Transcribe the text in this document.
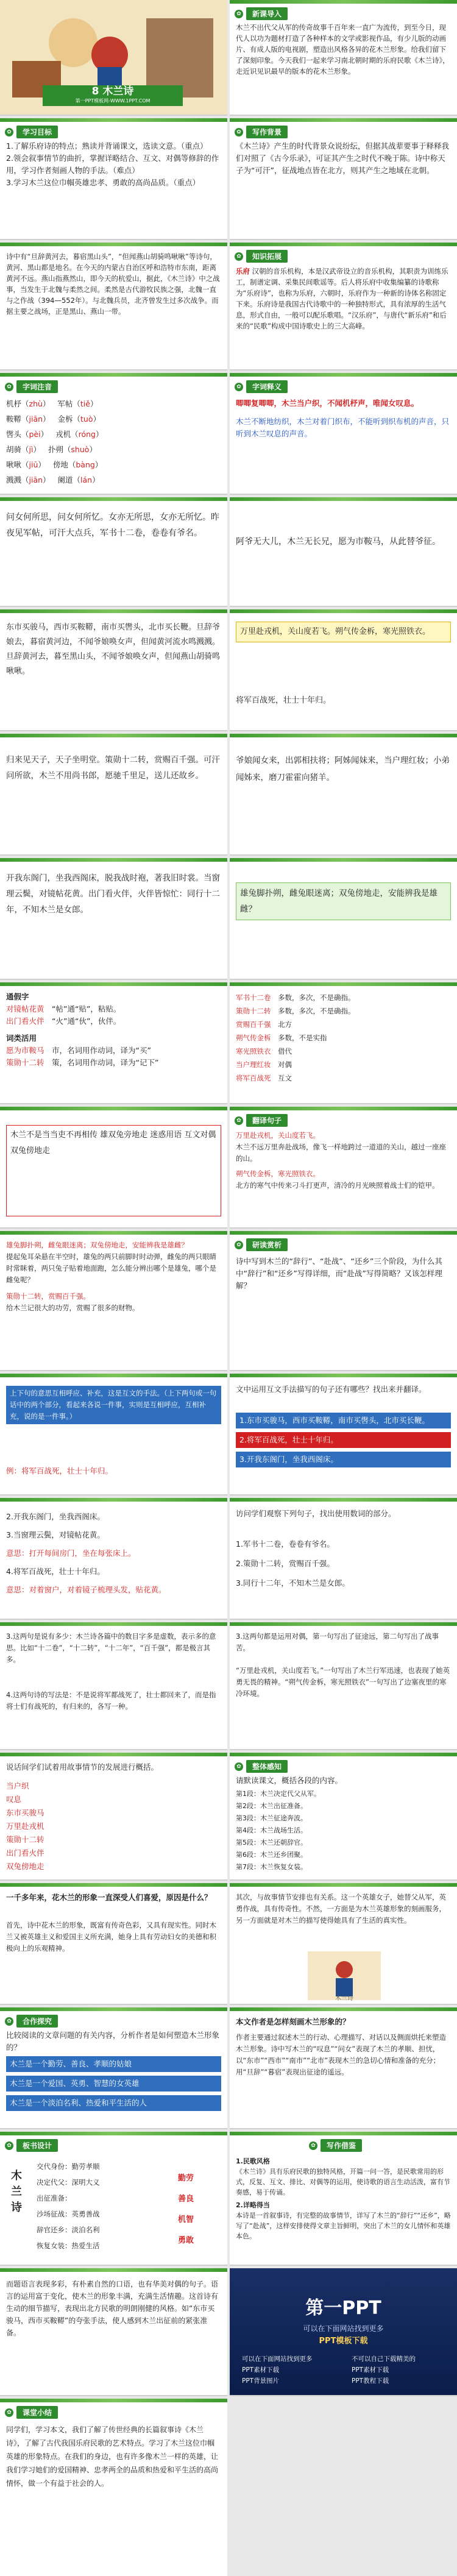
8 木兰诗
第一PPT模板网-WWW.1PPT.COM
✿	新课导入
木兰不出代父从军的传奇故事千百年来一直广为流传，到至今日，现代人以功为题材打造了各种样本的文学或影视作品，有少儿版的动画片、有成人版的电视剧，塑造出风格各异的花木兰形象。给我们留下了深刻印象。今天我们一起来学习南北朝时期的乐府民歌《木兰诗》，走近识见识最早的版本的花木兰形象。
✿	学习目标

1.了解乐府诗的特点；熟读并背诵课文，选读文意。（重点）

2.领会叙事情节的曲折，掌握详略结合、互文、对偶等修辞的作用，学习作者刻画人物的手法。（难点）

3.学习木兰这位巾帼英雄忠孝、勇敢的高尚品质。（重点）

✿	写作背景
《木兰诗》产生的时代背景众说纷纭，但据其战辈要事于释释我们对照了《古今乐录》，可证其产生之时代不晚于陈。诗中称天子为“可汗”，征战地点皆在北方，则其产生之地域在北朝。
诗中有“旦辞黄河去，暮宿黑山头”，“但闻燕山胡骑鸣啾啾”等诗句，黄河、黑山都是地名。在今天的内蒙古自治区呼和浩特市东南，距离黄河不远。燕山指燕然山，即今天的杭爱山，据此，《木兰诗》中之战事，当发生于北魏与柔然之间。柔然是古代游牧民族之强，北魏一直与之作战（394—552年）。与北魏兵员，北齐曾发生过多次战争。而据主要之战场，正是黑山、燕山一带。
✿	知识拓展
乐府 汉朝的音乐机构，本是汉武帝设立的音乐机构，其职责为训练乐工，制谱定调、采集民间歌谣等。后人将乐府中收集编纂的诗歌称为“乐府诗”，也称为乐府，六朝时，乐府作为一种新的诗体名称固定下来。乐府诗是我国古代诗歌中的一种独特形式，具有浓厚的生活气息，形式自由，一般可以配乐歌唱。“汉乐府”，与唐代“新乐府”和后来的“民歌”构成中国诗歌史上的三大高峰。
✿	字词注音
机杼（zhù） 军帖（tiě）
鞍鞯（jiān） 金柝（tuò）
辔头（pèi） 戎机（róng）
胡骑（jì） 扑朔（shuò）
啾啾（jiū） 傍地（bàng）
溅溅（jiān） 阑道（lán）
✿	字词释义

唧唧复唧唧，木兰当户织，不闻机杼声，唯闻女叹息。

木兰不断地纺织，木兰对着门织布，不能听到织布机的声音，只听到木兰叹息的声音。

问女何所思，问女何所忆。女亦无所思，女亦无所忆。昨夜见军帖，可汗大点兵，军书十二卷，卷卷有爷名。
阿爷无大儿，木兰无长兄，愿为市鞍马，从此替爷征。
东市买骏马，西市买鞍鞯，南市买辔头，北市买长鞭。旦辞爷娘去，暮宿黄河边，不闻爷娘唤女声，但闻黄河流水鸣溅溅。旦辞黄河去，暮至黑山头，不闻爷娘唤女声，但闻燕山胡骑鸣啾啾。
万里赴戎机，关山度若飞。朔气传金柝，寒光照铁衣。
将军百战死，壮士十年归。
归来见天子，天子坐明堂。策勋十二转，赏赐百千强。可汗问所欲，木兰不用尚书郎，愿驰千里足，送儿还故乡。
爷娘闻女来，出郭相扶将；阿姊闻妹来，当户理红妆；小弟闻姊来，磨刀霍霍向猪羊。
开我东阁门，坐我西阁床，脱我战时袍，著我旧时裳。当窗理云鬓，对镜帖花黄。出门看火伴，火伴皆惊忙：同行十二年，不知木兰是女郎。
雄兔脚扑朔，雌兔眼迷离；双兔傍地走，安能辨我是雄雌？

通假字

对镜帖花黄　 “帖”通“贴”，粘贴。

出门看火伴　 “火”通“伙”，伙伴。

词类活用

愿为市鞍马　 市，名词用作动词，译为“买”

策勋十二转　 策，名词用作动词，译为“记下”

军书十二卷　 多数，多次，不是确指。
策勋十二转　 多数，多次，不是确指。
赏赐百千强　 北方
朔气传金柝　 多数，不是实指
寒光照铁衣　 借代
当户理红妆　 对偶
将军百战死　 互文
木兰不是当当吏不再相传 雄双兔旁地走 迷惑用语 互文对偶 双兔傍地走
✿	翻译句子

万里赴戎机，关山度若飞。

木兰不远万里奔赴战场，像飞一样地跨过一道道的关山，越过一座座的山。

朔气传金柝，寒光照铁衣。

北方的寒气中传来刁斗打更声，清冷的月光映照着战士们的铠甲。

雄兔脚扑朔，雌兔眼迷离；双兔傍地走，安能辨我是雄雌？

提起兔耳朵悬在半空时，雄兔的两只前脚时时动弹，雌兔的两只眼睛时常眯着，两只兔子贴着地面跑，怎么能分辨出哪个是雄兔，哪个是雌兔呢？

策勋十二转，赏赐百千强。

给木兰记很大的功劳，赏赐了很多的财物。

✿	研读赏析
诗中写到木兰的“辞行”、“赴战”、“还乡”三个阶段，为什么其中“辞行”和“还乡”写得详细，而“赴战”写得简略？又该怎样理解？
上下句的意思互相呼应、补充，这是互文的手法。（上下两句或一句话中的两个部分，看起来各说一件事，实则是互相呼应，互相补充，说的是一件事。）
例：将军百战死，壮士十年归。
文中运用互文手法描写的句子还有哪些？找出来并翻译。

1.东市买骏马，西市买鞍鞯，南市买辔头，北市买长鞭。

2.将军百战死，壮士十年归。

3.开我东阁门，坐我西阁床。

2.开我东阁门，坐我西阁床。

3.当窗理云鬓，对镜帖花黄。

意思：打开每间房门，坐在每张床上。

4.将军百战死，壮士十年归。

意思：对着窗户，对着镜子梳理头发，贴花黄。

访问学们观察下列句子，找出使用数词的部分。

1.军书十二卷，卷卷有爷名。

2.策勋十二转，赏赐百千强。

3.同行十二年，不知木兰是女郎。

3.这两句是说有多少：木兰诗各篇中的数目字多是虚数，表示多的意思。比如“十二卷”，“十二转”，“十二年”，“百千强”，都是极言其多。
4.这两句诗的写法是：不是说将军都战死了，壮士都回来了，而是指将士们有战死的，有归来的，各写一种。
3.这两句都是运用对偶，第一句写出了征途远，第二句写出了战事苦。
“万里赴戎机，关山度若飞。”一句写出了木兰行军迅速，也表现了她英勇无畏的精神。“朔气传金柝，寒光照铁衣”一句写出了边塞夜里的寒冷环境。
说话间学们试着用故事情节的发展进行概括。

当户织

叹息

东市买骏马

万里赴戎机

策勋十二转

出门看火伴

双兔傍地走

✿	整体感知
请默读课文，概括各段的内容。

第1段：木兰决定代父从军。

第2段：木兰出征准备。

第3段：木兰征途奔波。

第4段：木兰战场生活。

第5段：木兰还朝辞官。

第6段：木兰还乡团聚。

第7段：木兰恢复女装。

一千多年来，花木兰的形象一直深受人们喜爱，原因是什么？
首先，诗中花木兰的形象，既富有传奇色彩，又具有现实性。同时木兰又被英雄主义和爱国主义所充满，她身上具有劳动妇女的美德和积极向上的乐观精神。
其次，与故事情节安排也有关系。这一个英雄女子，她替父从军，英勇作战，具有传奇性。不然，一方面是为木兰英雄形象的刻画服务，另一方面就是对木兰的描写使得她具有了生活的真实性。
木兰诗
✿	合作探究
比较阅读的文章问题的有关内容，分析作者是如何塑造木兰形象的？

木兰是一个勤劳、善良、孝顺的姑娘

木兰是一个爱国、英勇、智慧的女英雄

木兰是一个淡泊名利、热爱和平生活的人

本文作者是怎样刻画木兰形象的？
作者主要通过叙述木兰的行动、心理描写、对话以及侧面烘托来塑造木兰形象。诗中写木兰的“叹息”“问女”表现了木兰的孝顺、担忧，以“东市”“西市”“南市”“北市”表现木兰的急切心情和准备的充分；用“旦辞”“暮宿”表现出征途的遥远。
✿	板书设计
木兰诗

交代身份：勤劳孝顺

决定代父：深明大义

出征准备：

沙场征战：英勇善战

辞官还乡：淡泊名利

恢复女装：热爱生活

勤劳

善良

机智

勇敢

✿	写作借鉴

1.民歌风格

《木兰诗》具有乐府民歌的独特风格，开篇一问一答，是民歌常用的形式，反复、互文、排比、对偶等的运用，使诗歌的语言生动活泼，富有节奏感，易于传诵。

2.详略得当

本诗是一首叙事诗，有完整的故事情节，详写了木兰的“辞行”“还乡”，略写了“赴战”，这样安排使得文章主旨鲜明，突出了木兰的女儿情怀和英雄本色。

而题语言表现多彩，有朴素自然的口语，也有华美对偶的句子。语言的运用富于变化，使木兰的形象丰满，充满生活情趣。这首诗有生动的细节描写，表现出北方民歌的明朗刚健的风格。如“东市买骏马，西市买鞍鞯”的夸张手法，使人感到木兰出征前的紧张准备。
第一PPT
可以在下面网站找到更多
PPT模板下载

可以在下面网站找到更多

PPT素材下载

PPT背景图片

不可以自己下载精美的

PPT素材下载

PPT教程下载

✿	课堂小结
同学们，学习本文，我们了解了传世经典的长篇叙事诗《木兰诗》，了解了古代我国乐府民歌的艺术特点。学习了木兰这位巾帼英雄的形象特点。在我们的身边，也有许多像木兰一样的英雄，让我们学习她们的爱国精神、忠孝两全的品质和热爱和平生活的高尚情怀，做一个有益于社会的人。
